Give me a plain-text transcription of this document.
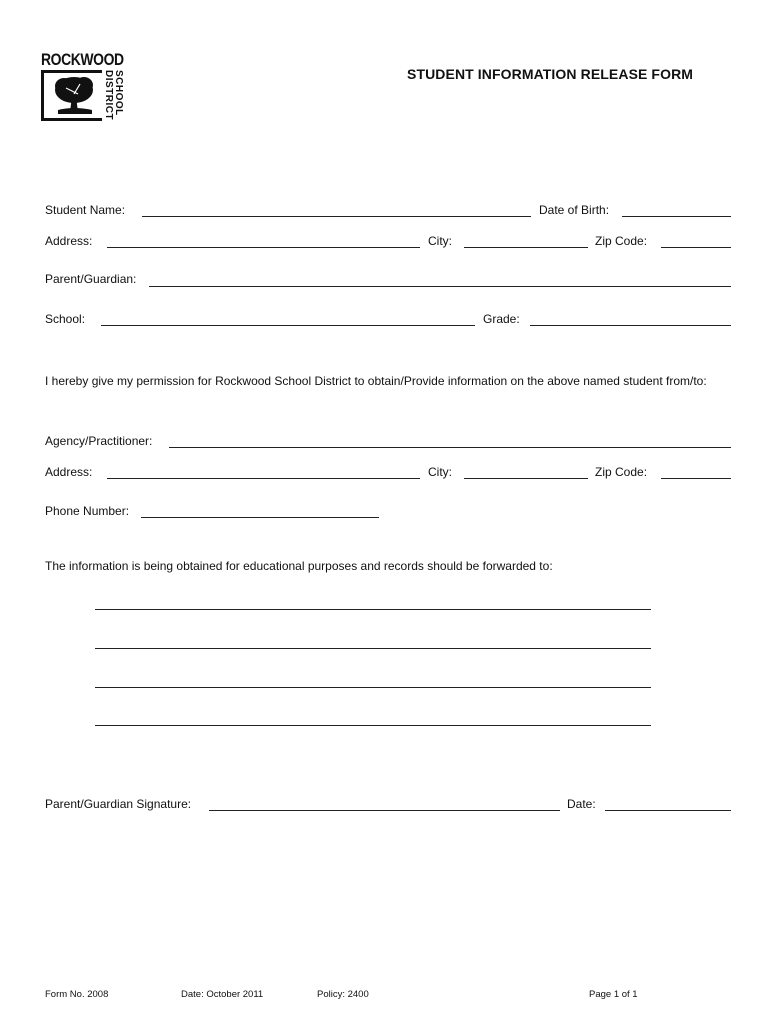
ROCKWOOD
SCHOOL
DISTRICT	STUDENT INFORMATION RELEASE FORM
Student Name:	Date of Birth:
Address:	City:	Zip Code:
Parent/Guardian:
School:	Grade:
I hereby give my permission for Rockwood School District to obtain/Provide information on the above named student from/to:
Agency/Practitioner:
Address:	City:	Zip Code:
Phone Number:
The information is being obtained for educational purposes and records should be forwarded to:
Parent/Guardian Signature:	Date:
Form No. 2008	Date: October 2011	Policy: 2400	Page 1 of 1
